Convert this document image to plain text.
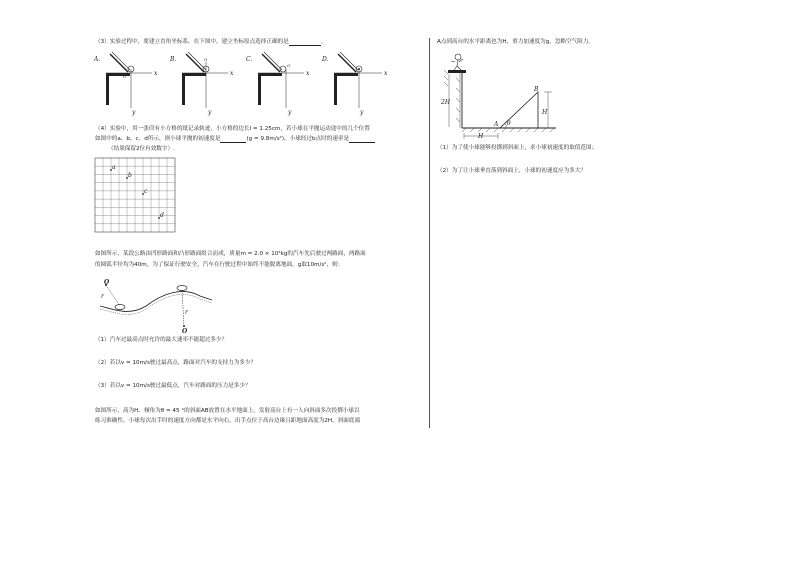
（3）实验过程中，要建立直角坐标系，在下图中，建立坐标原点选择正确的是	。
A.
x
y
O
B.
x
y
O	C.
x
y
O
D.
x
y
（4）实验中，用一张印有小方格的纸记录轨迹，小方格的边长l = 1.25cm，若小球在平抛运动途中的几个位置
如图中的a、b、c、d所示，则小球平抛的初速度是	(g = 9.8m/s²)，小球经过b点时的速率是
（结果保留2位有效数字）.
a
b
c
d
如图所示，某段公路由凹形路面和凸形路面组合而成，质量m = 2.0 × 10⁴kg的汽车先后驶过两路面，两路面
的圆弧半径均为40m，为了保证行驶安全，汽车在行驶过程中始终不能脱离地面，g取10m/s²，则：
r
O
r
O
（1）汽车过最高点时允许的最大速率不能超过多少？
（2）若以v = 10m/s驶过最高点，路面对汽车的支持力为多少？
（3）若以v = 10m/s驶过最低点，汽车对路面的压力是多少？
如图所示，高为H、倾角为θ = 45 °的斜面AB放置在水平地面上，发射高台上有一人向斜面多次投掷小球以
练习准确性，小球每次出手时的速度方向都是水平向右，出手点位于高台边缘且距地面高度为2H，斜面底端
A点到高台的水平距离也为H，重力加速度为g，忽略空气阻力。
2H
B
A θ
H
H
（1）为了使小球能够投掷到斜面上，求小球初速度的取值范围；
（2）为了让小球垂直落到斜面上，小球的初速度应为多大？
